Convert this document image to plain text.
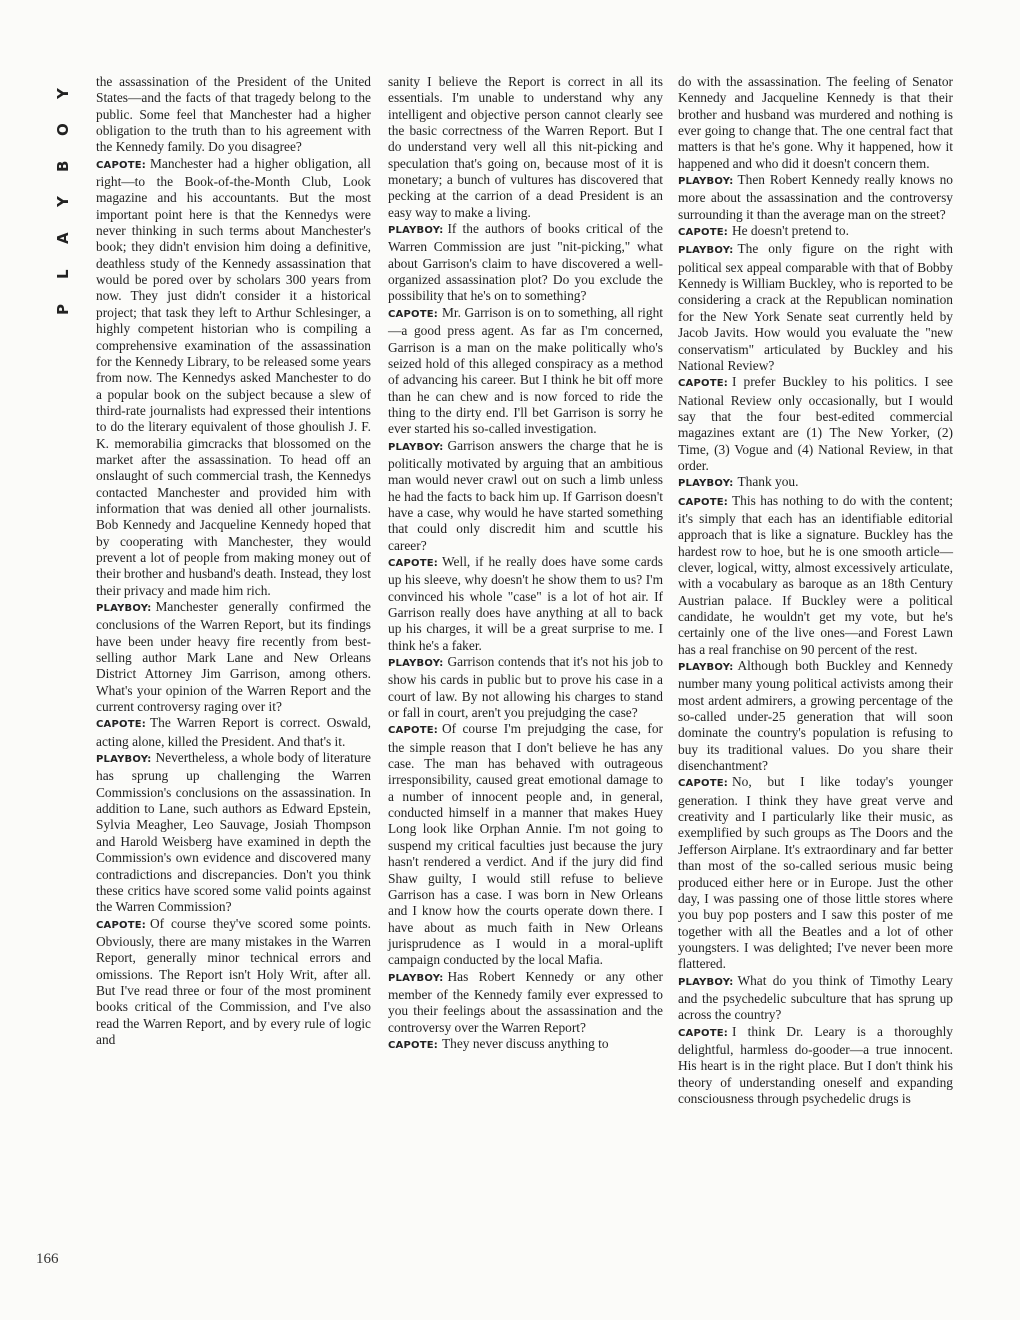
Y
O
B
Y
A
L
P
166

the assassination of the President of the United States—and the facts of that tragedy belong to the public. Some feel that Manchester had a higher obligation to the truth than to his agreement with the Kennedy family. Do you disagree?

CAPOTE: Manchester had a higher obligation, all right—to the Book-of-the-Month Club, Look magazine and his accountants. But the most important point here is that the Kennedys were never thinking in such terms about Manchester's book; they didn't envision him doing a definitive, deathless study of the Kennedy assassination that would be pored over by scholars 300 years from now. They just didn't consider it a historical project; that task they left to Arthur Schlesinger, a highly competent historian who is compiling a comprehensive examination of the assassination for the Kennedy Library, to be released some years from now. The Kennedys asked Manchester to do a popular book on the subject because a slew of third-rate journalists had expressed their intentions to do the literary equivalent of those ghoulish J. F. K. memorabilia gimcracks that blossomed on the market after the assassination. To head off an onslaught of such commercial trash, the Kennedys contacted Manchester and provided him with information that was denied all other journalists. Bob Kennedy and Jacqueline Kennedy hoped that by cooperating with Manchester, they would prevent a lot of people from making money out of their brother and husband's death. Instead, they lost their privacy and made him rich.

PLAYBOY: Manchester generally confirmed the conclusions of the Warren Report, but its findings have been under heavy fire recently from best-selling author Mark Lane and New Orleans District Attorney Jim Garrison, among others. What's your opinion of the Warren Report and the current controversy raging over it?

CAPOTE: The Warren Report is correct. Oswald, acting alone, killed the President. And that's it.

PLAYBOY: Nevertheless, a whole body of literature has sprung up challenging the Warren Commission's conclusions on the assassination. In addition to Lane, such authors as Edward Epstein, Sylvia Meagher, Leo Sauvage, Josiah Thompson and Harold Weisberg have examined in depth the Commission's own evidence and discovered many contradictions and discrepancies. Don't you think these critics have scored some valid points against the Warren Commission?

CAPOTE: Of course they've scored some points. Obviously, there are many mistakes in the Warren Report, generally minor technical errors and omissions. The Report isn't Holy Writ, after all. But I've read three or four of the most prominent books critical of the Commission, and I've also read the Warren Report, and by every rule of logic and

sanity I believe the Report is correct in all its essentials. I'm unable to understand why any intelligent and objective person cannot clearly see the basic correctness of the Warren Report. But I do understand very well all this nit-picking and speculation that's going on, because most of it is monetary; a bunch of vultures has discovered that pecking at the carrion of a dead President is an easy way to make a living.

PLAYBOY: If the authors of books critical of the Warren Commission are just "nit-picking," what about Garrison's claim to have discovered a well-organized assassination plot? Do you exclude the possibility that he's on to something?

CAPOTE: Mr. Garrison is on to something, all right—a good press agent. As far as I'm concerned, Garrison is a man on the make politically who's seized hold of this alleged conspiracy as a method of advancing his career. But I think he bit off more than he can chew and is now forced to ride the thing to the dirty end. I'll bet Garrison is sorry he ever started his so-called investigation.

PLAYBOY: Garrison answers the charge that he is politically motivated by arguing that an ambitious man would never crawl out on such a limb unless he had the facts to back him up. If Garrison doesn't have a case, why would he have started something that could only discredit him and scuttle his career?

CAPOTE: Well, if he really does have some cards up his sleeve, why doesn't he show them to us? I'm convinced his whole "case" is a lot of hot air. If Garrison really does have anything at all to back up his charges, it will be a great surprise to me. I think he's a faker.

PLAYBOY: Garrison contends that it's not his job to show his cards in public but to prove his case in a court of law. By not allowing his charges to stand or fall in court, aren't you prejudging the case?

CAPOTE: Of course I'm prejudging the case, for the simple reason that I don't believe he has any case. The man has behaved with outrageous irresponsibility, caused great emotional damage to a number of innocent people and, in general, conducted himself in a manner that makes Huey Long look like Orphan Annie. I'm not going to suspend my critical faculties just because the jury hasn't rendered a verdict. And if the jury did find Shaw guilty, I would still refuse to believe Garrison has a case. I was born in New Orleans and I know how the courts operate down there. I have about as much faith in New Orleans jurisprudence as I would in a moral-uplift campaign conducted by the local Mafia.

PLAYBOY: Has Robert Kennedy or any other member of the Kennedy family ever expressed to you their feelings about the assassination and the controversy over the Warren Report?

CAPOTE: They never discuss anything to

do with the assassination. The feeling of Senator Kennedy and Jacqueline Kennedy is that their brother and husband was murdered and nothing is ever going to change that. The one central fact that matters is that he's gone. Why it happened, how it happened and who did it doesn't concern them.

PLAYBOY: Then Robert Kennedy really knows no more about the assassination and the controversy surrounding it than the average man on the street?

CAPOTE: He doesn't pretend to.

PLAYBOY: The only figure on the right with political sex appeal comparable with that of Bobby Kennedy is William Buckley, who is reported to be considering a crack at the Republican nomination for the New York Senate seat currently held by Jacob Javits. How would you evaluate the "new conservatism" articulated by Buckley and his National Review?

CAPOTE: I prefer Buckley to his politics. I see National Review only occasionally, but I would say that the four best-edited commercial magazines extant are (1) The New Yorker, (2) Time, (3) Vogue and (4) National Review, in that order.

PLAYBOY: Thank you.

CAPOTE: This has nothing to do with the content; it's simply that each has an identifiable editorial approach that is like a signature. Buckley has the hardest row to hoe, but he is one smooth article—clever, logical, witty, almost excessively articulate, with a vocabulary as baroque as an 18th Century Austrian palace. If Buckley were a political candidate, he wouldn't get my vote, but he's certainly one of the live ones—and Forest Lawn has a real franchise on 90 percent of the rest.

PLAYBOY: Although both Buckley and Kennedy number many young political activists among their most ardent admirers, a growing percentage of the so-called under-25 generation that will soon dominate the country's population is refusing to buy its traditional values. Do you share their disenchantment?

CAPOTE: No, but I like today's younger generation. I think they have great verve and creativity and I particularly like their music, as exemplified by such groups as The Doors and the Jefferson Airplane. It's extraordinary and far better than most of the so-called serious music being produced either here or in Europe. Just the other day, I was passing one of those little stores where you buy pop posters and I saw this poster of me together with all the Beatles and a lot of other youngsters. I was delighted; I've never been more flattered.

PLAYBOY: What do you think of Timothy Leary and the psychedelic subculture that has sprung up across the country?

CAPOTE: I think Dr. Leary is a thoroughly delightful, harmless do-gooder—a true innocent. His heart is in the right place. But I don't think his theory of understanding oneself and expanding consciousness through psychedelic drugs is
